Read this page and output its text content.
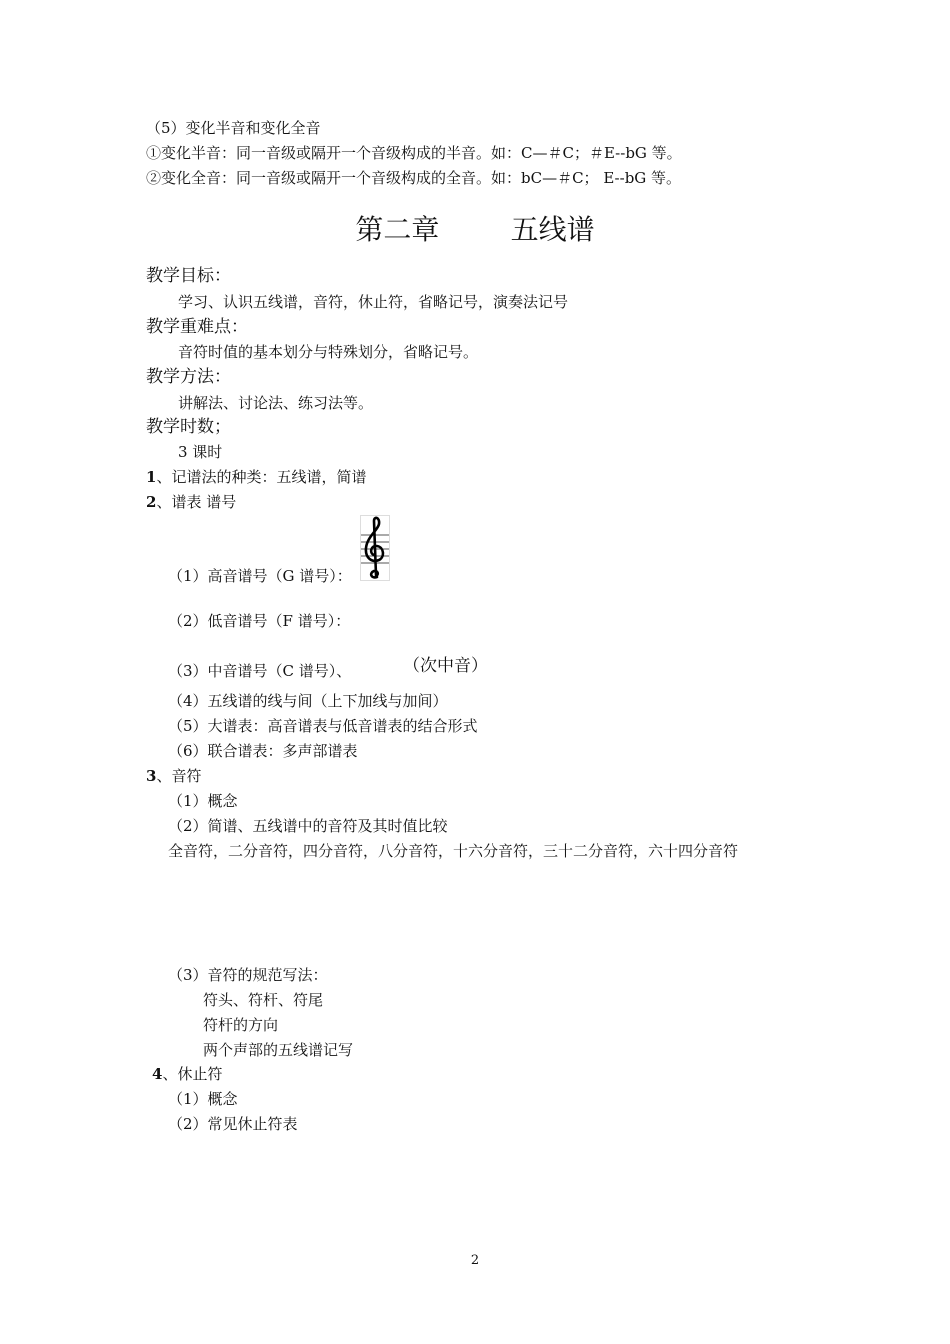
（5）变化半音和变化全音
①变化半音：同一音级或隔开一个音级构成的半音。如：C—＃C；＃E--bG 等。
②变化全音：同一音级或隔开一个音级构成的全音。如：bC—＃C； E--bG 等。
第二章        五线谱
教学目标：
学习、认识五线谱，音符，休止符，省略记号，演奏法记号
教学重难点：
音符时值的基本划分与特殊划分，省略记号。
教学方法：
讲解法、讨论法、练习法等。
教学时数；
3 课时
1、记谱法的种类：五线谱，简谱
2、谱表 谱号
（1）高音谱号（G 谱号）：
（2）低音谱号（F 谱号）：
（3）中音谱号（C 谱号）、	（次中音）
（4）五线谱的线与间（上下加线与加间）
（5）大谱表：高音谱表与低音谱表的结合形式
（6）联合谱表：多声部谱表
3、音符
（1）概念
（2）简谱、五线谱中的音符及其时值比较
全音符，二分音符，四分音符，八分音符，十六分音符，三十二分音符，六十四分音符
（3）音符的规范写法：
符头、符杆、符尾
符杆的方向
两个声部的五线谱记写
4、休止符
（1）概念
（2）常见休止符表
2
